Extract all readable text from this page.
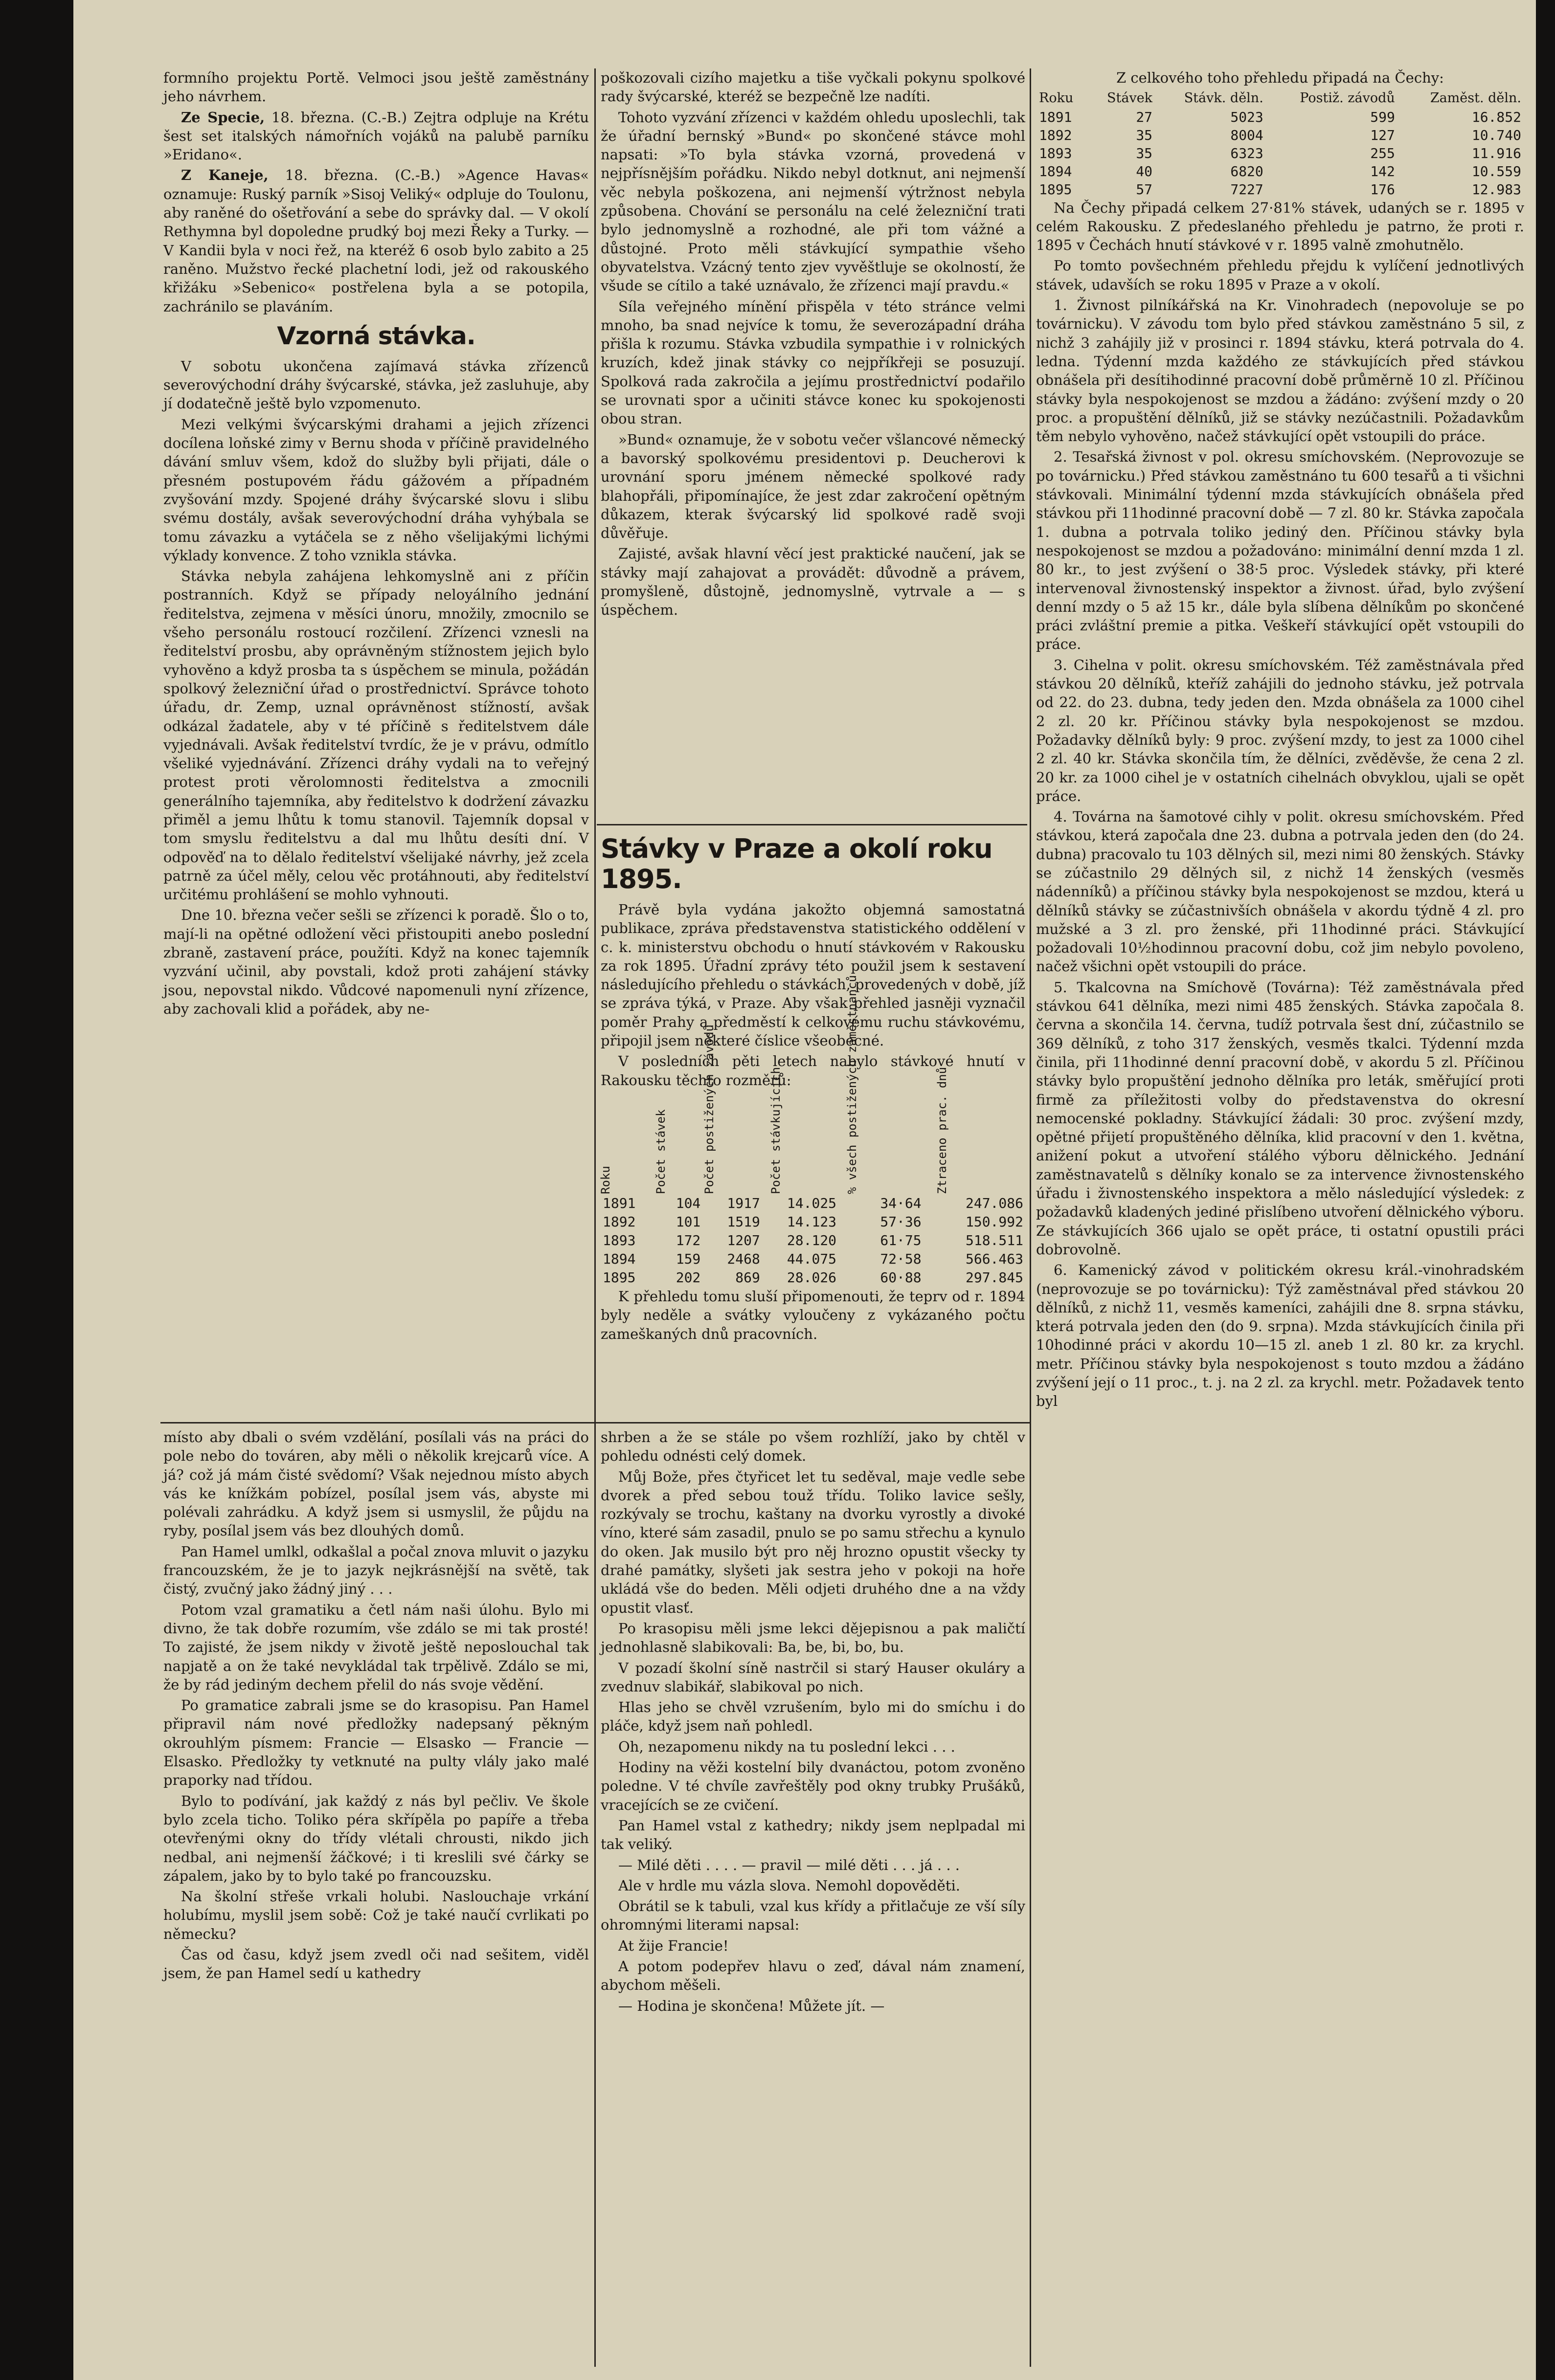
formního projektu Portě. Velmoci jsou ještě zaměstnány jeho návrhem.

Ze Specie, 18. března. (C.-B.) Zejtra odpluje na Krétu šest set italských námořních vojáků na palubě parníku »Eridano«.

Z Kaneje, 18. března. (C.-B.) »Agence Havas« oznamuje: Ruský parník »Sisoj Veliký« odpluje do Toulonu, aby raněné do ošetřování a sebe do správky dal. — V okolí Rethymna byl dopoledne prudký boj mezi Řeky a Turky. — V Kandii byla v noci řež, na kteréž 6 osob bylo zabito a 25 raněno. Mužstvo řecké plachetní lodi, jež od rakouského křižáku »Sebenico« postřelena byla a se potopila, zachránilo se plaváním.

Vzorná stávka.

V sobotu ukončena zajímavá stávka zřízenců severovýchodní dráhy švýcarské, stávka, jež zasluhuje, aby jí dodatečně ještě bylo vzpomenuto.

Mezi velkými švýcarskými drahami a jejich zřízenci docílena loňské zimy v Bernu shoda v příčině pravidelného dávání smluv všem, kdož do služby byli přijati, dále o přesném postupovém řádu gážovém a případném zvyšování mzdy. Spojené dráhy švýcarské slovu i slibu svému dostály, avšak severovýchodní dráha vyhýbala se tomu závazku a vytáčela se z něho všelijakými lichými výklady konvence. Z toho vznikla stávka.

Stávka nebyla zahájena lehkomyslně ani z příčin postranních. Když se případy neloyálního jednání ředitelstva, zejmena v měsíci únoru, množily, zmocnilo se všeho personálu rostoucí rozčilení. Zřízenci vznesli na ředitelství prosbu, aby oprávněným stížnostem jejich bylo vyhověno a když prosba ta s úspěchem se minula, požádán spolkový železniční úřad o prostřednictví. Správce tohoto úřadu, dr. Zemp, uznal oprávněnost stížností, avšak odkázal žadatele, aby v té příčině s ředitelstvem dále vyjednávali. Avšak ředitelství tvrdíc, že je v právu, odmítlo všeliké vyjednávání. Zřízenci dráhy vydali na to veřejný protest proti věrolomnosti ředitelstva a zmocnili generálního tajemníka, aby ředitelstvo k dodržení závazku přiměl a jemu lhůtu k tomu stanovil. Tajemník dopsal v tom smyslu ředitelstvu a dal mu lhůtu desíti dní. V odpověď na to dělalo ředitelství všelijaké návrhy, jež zcela patrně za účel měly, celou věc protáhnouti, aby ředitelství určitému prohlášení se mohlo vyhnouti.

Dne 10. března večer sešli se zřízenci k poradě. Šlo o to, mají-li na opětné odložení věci přistoupiti anebo poslední zbraně, zastavení práce, použíti. Když na konec tajemník vyzvání učinil, aby povstali, kdož proti zahájení stávky jsou, nepovstal nikdo. Vůdcové napomenuli nyní zřízence, aby zachovali klid a pořádek, aby ne-

poškozovali cizího majetku a tiše vyčkali pokynu spolkové rady švýcarské, kteréž se bezpečně lze nadíti.

Tohoto vyzvání zřízenci v každém ohledu uposlechli, tak že úřadní bernský »Bund« po skončené stávce mohl napsati: »To byla stávka vzorná, provedená v nejpřísnějším pořádku. Nikdo nebyl dotknut, ani nejmenší věc nebyla poškozena, ani nejmenší výtržnost nebyla způsobena. Chování se personálu na celé železniční trati bylo jednomyslně a rozhodné, ale při tom vážné a důstojné. Proto měli stávkující sympathie všeho obyvatelstva. Vzácný tento zjev vyvěštluje se okolností, že všude se cítilo a také uznávalo, že zřízenci mají pravdu.«

Síla veřejného mínění přispěla v této stránce velmi mnoho, ba snad nejvíce k tomu, že severozápadní dráha přišla k rozumu. Stávka vzbudila sympathie i v rolnických kruzích, kdež jinak stávky co nejpříkřeji se posuzují. Spolková rada zakročila a jejímu prostřednictví podařilo se urovnati spor a učiniti stávce konec ku spokojenosti obou stran.

»Bund« oznamuje, že v sobotu večer všlancové německý a bavorský spolkovému presidentovi p. Deucherovi k urovnání sporu jménem německé spolkové rady blahopřáli, připomínajíce, že jest zdar zakročení opětným důkazem, kterak švýcarský lid spolkové radě svoji důvěřuje.

Zajisté, avšak hlavní věcí jest praktické naučení, jak se stávky mají zahajovat a provádět: důvodně a právem, promyšleně, důstojně, jednomyslně, vytrvale a — s úspěchem.

Stávky v Praze a okolí roku 1895.

Právě byla vydána jakožto objemná samostatná publikace, zpráva představenstva statistického oddělení v c. k. ministerstvu obchodu o hnutí stávkovém v Rakousku za rok 1895. Úřadní zprávy této použil jsem k sestavení následujícího přehledu o stávkách, provedených v době, jíž se zpráva týká, v Praze. Aby však přehled jasněji vyznačil poměr Prahy a předměstí k celkovému ruchu stávkovému, připojil jsem některé číslice všeobecné.

V posledních pěti letech nabylo stávkové hnutí v Rakousku těchto rozměrů:

Roku	Počet stávek	Počet postižených závodů	Počet stávkujících	% všech postižených zaměstnanců	Ztraceno prac. dnů

1891	104	1917	14.025	34·64	247.086
1892	101	1519	14.123	57·36	150.992
1893	172	1207	28.120	61·75	518.511
1894	159	2468	44.075	72·58	566.463
1895	202	869	28.026	60·88	297.845

K přehledu tomu sluší připomenouti, že teprv od r. 1894 byly neděle a svátky vyloučeny z vykázaného počtu zameškaných dnů pracovních.

Z celkového toho přehledu připadá na Čechy:

Roku	Stávek	Stávk. děln.	Postiž. závodů	Zaměst. děln.
1891	27	5023	599	16.852
1892	35	8004	127	10.740
1893	35	6323	255	11.916
1894	40	6820	142	10.559
1895	57	7227	176	12.983

Na Čechy připadá celkem 27·81% stávek, udaných se r. 1895 v celém Rakousku. Z předeslaného přehledu je patrno, že proti r. 1895 v Čechách hnutí stávkové v r. 1895 valně zmohutnělo.

Po tomto povšechném přehledu přejdu k vylíčení jednotlivých stávek, udavších se roku 1895 v Praze a v okolí.

1. Živnost pilníkářská na Kr. Vinohradech (nepovoluje se po továrnicku). V závodu tom bylo před stávkou zaměstnáno 5 sil, z nichž 3 zahájily již v prosinci r. 1894 stávku, která potrvala do 4. ledna. Týdenní mzda každého ze stávkujících před stávkou obnášela při desítihodinné pracovní době průměrně 10 zl. Příčinou stávky byla nespokojenost se mzdou a žádáno: zvýšení mzdy o 20 proc. a propuštění dělníků, již se stávky nezúčastnili. Požadavkům těm nebylo vyhověno, načež stávkující opět vstoupili do práce.

2. Tesařská živnost v pol. okresu smíchovském. (Neprovozuje se po továrnicku.) Před stávkou zaměstnáno tu 600 tesařů a ti všichni stávkovali. Minimální týdenní mzda stávkujících obnášela před stávkou při 11hodinné pracovní době — 7 zl. 80 kr. Stávka započala 1. dubna a potrvala toliko jediný den. Příčinou stávky byla nespokojenost se mzdou a požadováno: minimální denní mzda 1 zl. 80 kr., to jest zvýšení o 38·5 proc. Výsledek stávky, při které intervenoval živnostenský inspektor a živnost. úřad, bylo zvýšení denní mzdy o 5 až 15 kr., dále byla slíbena dělníkům po skončené práci zvláštní premie a pitka. Veškeří stávkující opět vstoupili do práce.

3. Cihelna v polit. okresu smíchovském. Též zaměstnávala před stávkou 20 dělníků, kteříž zahájili do jednoho stávku, jež potrvala od 22. do 23. dubna, tedy jeden den. Mzda obnášela za 1000 cihel 2 zl. 20 kr. Příčinou stávky byla nespokojenost se mzdou. Požadavky dělníků byly: 9 proc. zvýšení mzdy, to jest za 1000 cihel 2 zl. 40 kr. Stávka skončila tím, že dělníci, zvěděvše, že cena 2 zl. 20 kr. za 1000 cihel je v ostatních cihelnách obvyklou, ujali se opět práce.

4. Továrna na šamotové cihly v polit. okresu smíchovském. Před stávkou, která započala dne 23. dubna a potrvala jeden den (do 24. dubna) pracovalo tu 103 dělných sil, mezi nimi 80 ženských. Stávky se zúčastnilo 29 dělných sil, z nichž 14 ženských (vesměs nádenníků) a příčinou stávky byla nespokojenost se mzdou, která u dělníků stávky se zúčastnivších obnášela v akordu týdně 4 zl. pro mužské a 3 zl. pro ženské, při 11hodinné práci. Stávkující požadovali 10½hodinnou pracovní dobu, což jim nebylo povoleno, načež všichni opět vstoupili do práce.

5. Tkalcovna na Smíchově (Továrna): Též zaměstnávala před stávkou 641 dělníka, mezi nimi 485 ženských. Stávka započala 8. června a skončila 14. června, tudíž potrvala šest dní, zúčastnilo se 369 dělníků, z toho 317 ženských, vesměs tkalci. Týdenní mzda činila, při 11hodinné denní pracovní době, v akordu 5 zl. Příčinou stávky bylo propuštění jednoho dělníka pro leták, směřující proti firmě za příležitosti volby do představenstva do okresní nemocenské pokladny. Stávkující žádali: 30 proc. zvýšení mzdy, opětné přijetí propuštěného dělníka, klid pracovní v den 1. května, anižení pokut a utvoření stálého výboru dělnického. Jednání zaměstnavatelů s dělníky konalo se za intervence živnostenského úřadu i živnostenského inspektora a mělo následující výsledek: z požadavků kladených jediné přislíbeno utvoření dělnického výboru. Ze stávkujících 366 ujalo se opět práce, ti ostatní opustili práci dobrovolně.

6. Kamenický závod v politickém okresu král.-vinohradském (neprovozuje se po továrnicku): Týž zaměstnával před stávkou 20 dělníků, z nichž 11, vesměs kameníci, zahájili dne 8. srpna stávku, která potrvala jeden den (do 9. srpna). Mzda stávkujících činila při 10hodinné práci v akordu 10—15 zl. aneb 1 zl. 80 kr. za krychl. metr. Příčinou stávky byla nespokojenost s touto mzdou a žádáno zvýšení její o 11 proc., t. j. na 2 zl. za krychl. metr. Požadavek tento byl

místo aby dbali o svém vzdělání, posílali vás na práci do pole nebo do továren, aby měli o několik krejcarů více. A já? což já mám čisté svědomí? Však nejednou místo abych vás ke knížkám pobízel, posílal jsem vás, abyste mi polévali zahrádku. A když jsem si usmyslil, že půjdu na ryby, posílal jsem vás bez dlouhých domů.

Pan Hamel umlkl, odkašlal a počal znova mluvit o jazyku francouzském, že je to jazyk nejkrásnější na světě, tak čistý, zvučný jako žádný jiný . . .

Potom vzal gramatiku a četl nám naši úlohu. Bylo mi divno, že tak dobře rozumím, vše zdálo se mi tak prosté! To zajisté, že jsem nikdy v životě ještě neposlouchal tak napjatě a on že také nevykládal tak trpělivě. Zdálo se mi, že by rád jediným dechem přelil do nás svoje vědění.

Po gramatice zabrali jsme se do krasopisu. Pan Hamel připravil nám nové předložky nadepsaný pěkným okrouhlým písmem: Francie — Elsasko — Francie — Elsasko. Předložky ty vetknuté na pulty vlály jako malé praporky nad třídou.

Bylo to podívání, jak každý z nás byl pečliv. Ve škole bylo zcela ticho. Toliko péra skřípěla po papíře a třeba otevřenými okny do třídy vlétali chrousti, nikdo jich nedbal, ani nejmenší žáčkové; i ti kreslili své čárky se zápalem, jako by to bylo také po francouzsku.

Na školní střeše vrkali holubi. Naslouchaje vrkání holubímu, myslil jsem sobě: Což je také naučí cvrlikati po německu?

Čas od času, když jsem zvedl oči nad sešitem, viděl jsem, že pan Hamel sedí u kathedry

shrben a že se stále po všem rozhlíží, jako by chtěl v pohledu odnésti celý domek.

Můj Bože, přes čtyřicet let tu seděval, maje vedle sebe dvorek a před sebou touž třídu. Toliko lavice sešly, rozkývaly se trochu, kaštany na dvorku vyrostly a divoké víno, které sám zasadil, pnulo se po samu střechu a kynulo do oken. Jak musilo být pro něj hrozno opustit všecky ty drahé památky, slyšeti jak sestra jeho v pokoji na hoře ukládá vše do beden. Měli odjeti druhého dne a na vždy opustit vlasť.

Po krasopisu měli jsme lekci dějepisnou a pak maličtí jednohlasně slabikovali: Ba, be, bi, bo, bu.

V pozadí školní síně nastrčil si starý Hauser okuláry a zvednuv slabikář, slabikoval po nich.

Hlas jeho se chvěl vzrušením, bylo mi do smíchu i do pláče, když jsem naň pohledl.

Oh, nezapomenu nikdy na tu poslední lekci . . .

Hodiny na věži kostelní bily dvanáctou, potom zvoněno poledne. V té chvíle zavřeštěly pod okny trubky Prušáků, vracejících se ze cvičení.

Pan Hamel vstal z kathedry; nikdy jsem neplpadal mi tak veliký.

— Milé děti . . . . — pravil — milé děti . . . já . . .

Ale v hrdle mu vázla slova. Nemohl dopověděti.

Obrátil se k tabuli, vzal kus křídy a přitlačuje ze vší síly ohromnými literami napsal:

At žije Francie!

A potom podepřev hlavu o zeď, dával nám znamení, abychom měšeli.

— Hodina je skončena! Můžete jít. —
